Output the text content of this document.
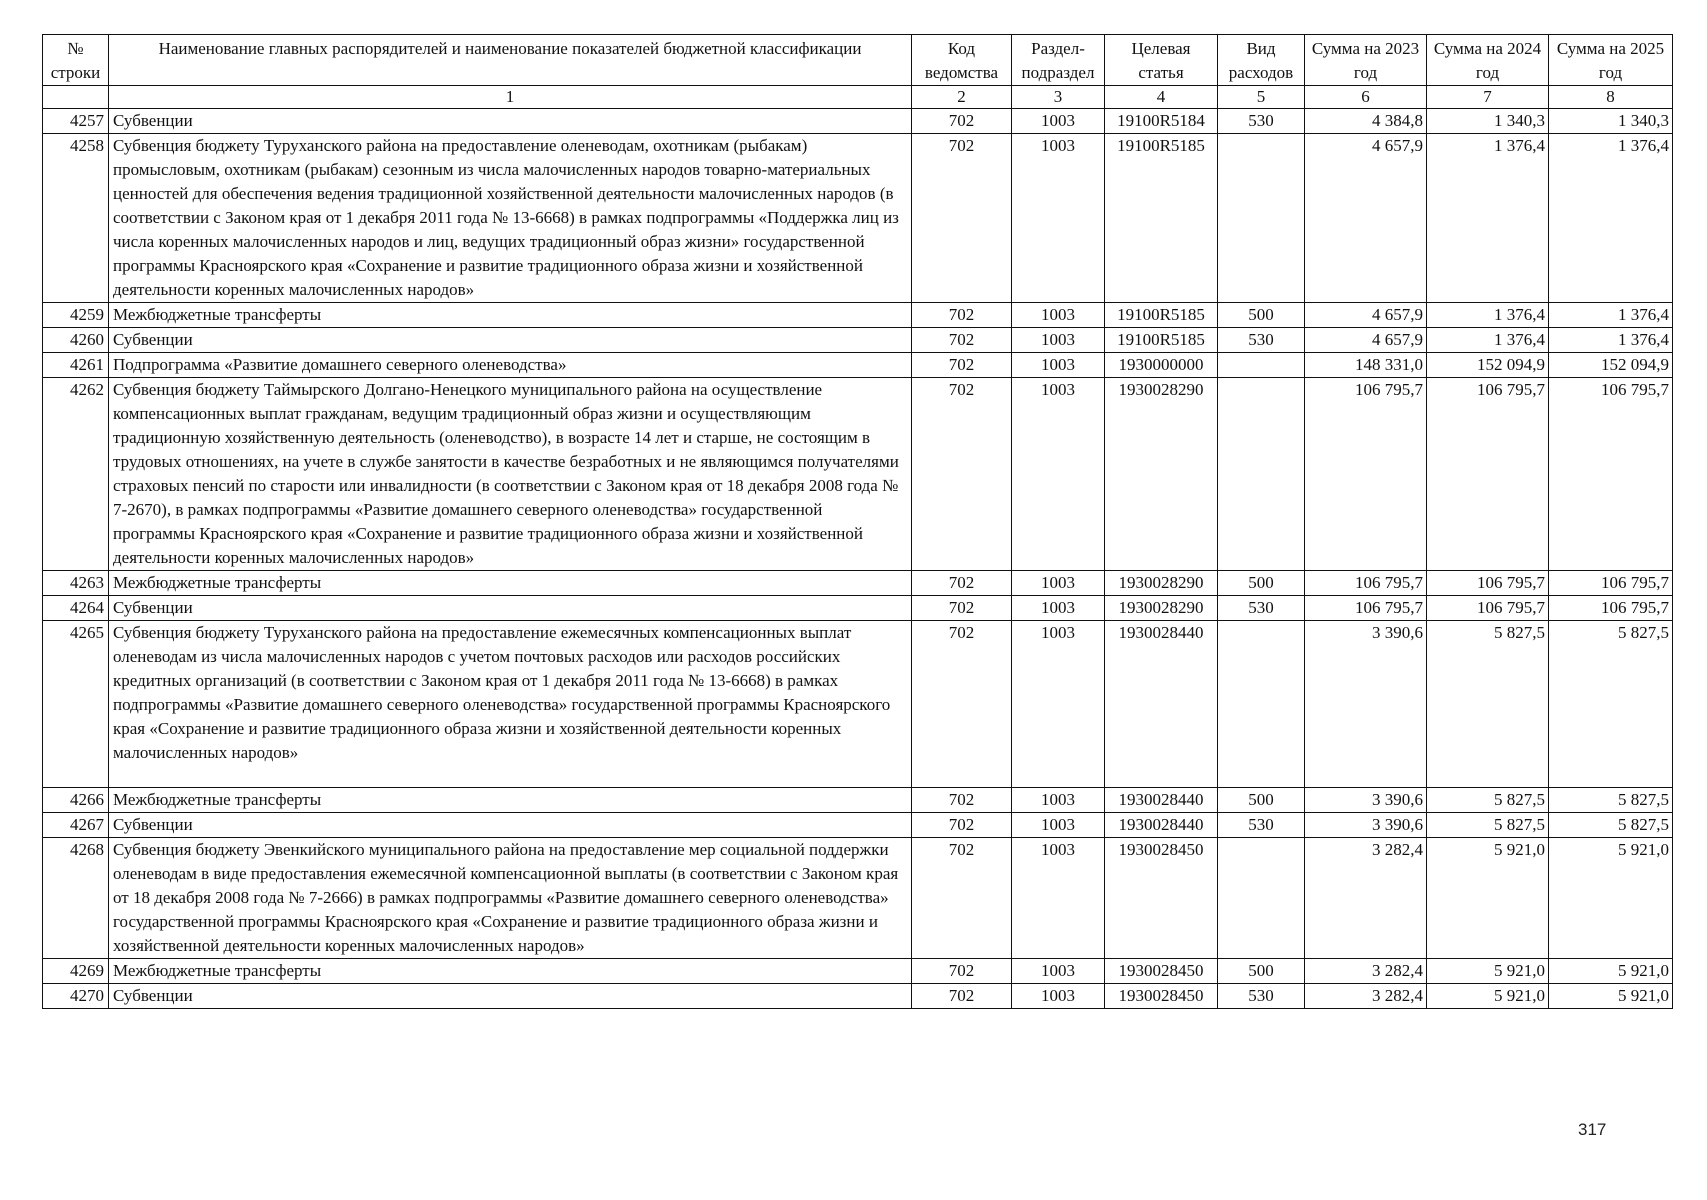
№ строки	Наименование главных распорядителей и наименование показателей бюджетной классификации	Код ведомства	Раздел-подраздел	Целевая статья	Вид расходов	Сумма на 2023 год	Сумма на 2024 год	Сумма на 2025 год
	1	2	3	4	5	6	7	8
4257	Субвенции	702	1003	19100R5184	530	4 384,8	1 340,3	1 340,3
4258	Субвенция бюджету Туруханского района на предоставление оленеводам, охотникам (рыбакам) промысловым, охотникам (рыбакам) сезонным из числа малочисленных народов товарно-материальных ценностей для обеспечения ведения традиционной хозяйственной деятельности малочисленных народов (в соответствии с Законом края от 1 декабря 2011 года № 13-6668) в рамках подпрограммы «Поддержка лиц из числа коренных малочисленных народов и лиц, ведущих традиционный образ жизни» государственной программы Красноярского края «Сохранение и развитие традиционного образа жизни и хозяйственной деятельности коренных малочисленных народов»	702	1003	19100R5185		4 657,9	1 376,4	1 376,4
4259	Межбюджетные трансферты	702	1003	19100R5185	500	4 657,9	1 376,4	1 376,4
4260	Субвенции	702	1003	19100R5185	530	4 657,9	1 376,4	1 376,4
4261	Подпрограмма «Развитие домашнего северного оленеводства»	702	1003	1930000000		148 331,0	152 094,9	152 094,9
4262	Субвенция бюджету Таймырского Долгано-Ненецкого муниципального района на осуществление компенсационных выплат гражданам, ведущим традиционный образ жизни и осуществляющим традиционную хозяйственную деятельность (оленеводство), в возрасте 14 лет и старше, не состоящим в трудовых отношениях, на учете в службе занятости в качестве безработных и не являющимся получателями страховых пенсий по старости или инвалидности (в соответствии с Законом края от 18 декабря 2008 года № 7-2670), в рамках подпрограммы «Развитие домашнего северного оленеводства» государственной программы Красноярского края «Сохранение и развитие традиционного образа жизни и хозяйственной деятельности коренных малочисленных народов»	702	1003	1930028290		106 795,7	106 795,7	106 795,7
4263	Межбюджетные трансферты	702	1003	1930028290	500	106 795,7	106 795,7	106 795,7
4264	Субвенции	702	1003	1930028290	530	106 795,7	106 795,7	106 795,7
4265	Субвенция бюджету Туруханского района на предоставление ежемесячных компенсационных выплат оленеводам из числа малочисленных народов с учетом почтовых расходов или расходов российских кредитных организаций (в соответствии с Законом края от 1 декабря 2011 года № 13-6668) в рамках подпрограммы «Развитие домашнего северного оленеводства» государственной программы Красноярского края «Сохранение и развитие традиционного образа жизни и хозяйственной деятельности коренных малочисленных народов»	702	1003	1930028440		3 390,6	5 827,5	5 827,5
4266	Межбюджетные трансферты	702	1003	1930028440	500	3 390,6	5 827,5	5 827,5
4267	Субвенции	702	1003	1930028440	530	3 390,6	5 827,5	5 827,5
4268	Субвенция бюджету Эвенкийского муниципального района на предоставление мер социальной поддержки оленеводам в виде предоставления ежемесячной компенсационной выплаты (в соответствии с Законом края от 18 декабря 2008 года № 7-2666) в рамках подпрограммы «Развитие домашнего северного оленеводства» государственной программы Красноярского края «Сохранение и развитие традиционного образа жизни и хозяйственной деятельности коренных малочисленных народов»	702	1003	1930028450		3 282,4	5 921,0	5 921,0
4269	Межбюджетные трансферты	702	1003	1930028450	500	3 282,4	5 921,0	5 921,0
4270	Субвенции	702	1003	1930028450	530	3 282,4	5 921,0	5 921,0
317
